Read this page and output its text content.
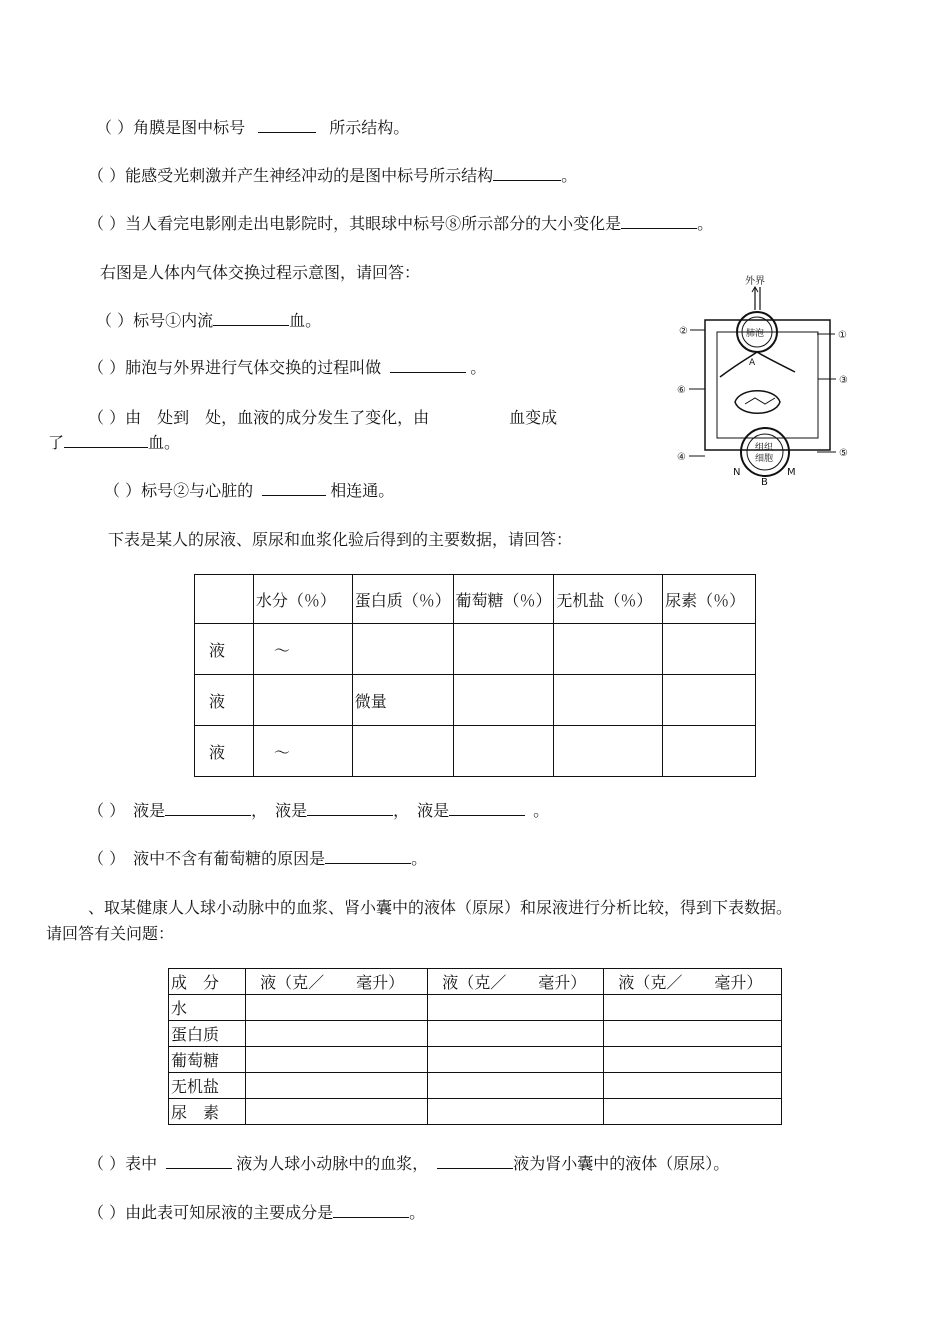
（ ）角膜是图中标号	所示结构。
（ ）能感受光刺激并产生神经冲动的是图中标号所示结构	。
（ ）当人看完电影刚走出电影院时，其眼球中标号⑧所示部分的大小变化是	。
右图是人体内气体交换过程示意图，请回答：
（ ）标号①内流	血。
（ ）肺泡与外界进行气体交换的过程叫做	。
（ ）由　处到　处，血液的成分发生了变化，由　　　　　血变成
了	血。
（ ）标号②与心脏的	相连通。
外界
肺泡
A
组织
细胞
N	M
B
②	①
③
⑥
④	⑤
下表是某人的尿液、原尿和血浆化验后得到的主要数据，请回答：
	水分（％）	蛋白质（％）	葡萄糖（％）	无机盐（％）	尿素（％）
液	～				
液		微量			
液	～				
（ ）　液是	，　液是	，　液是	。
（ ）　液中不含有葡萄糖的原因是	。
、取某健康人人球小动脉中的血浆、肾小囊中的液体（原尿）和尿液进行分析比较，得到下表数据。
请回答有关问题：
成　分	液（克／　　毫升）	液（克／　　毫升）	液（克／　　毫升）
水			
蛋白质			
葡萄糖			
无机盐			
尿　素			
（ ）表中	液为人球小动脉中的血浆，	液为肾小囊中的液体（原尿）。
（ ）由此表可知尿液的主要成分是	。
